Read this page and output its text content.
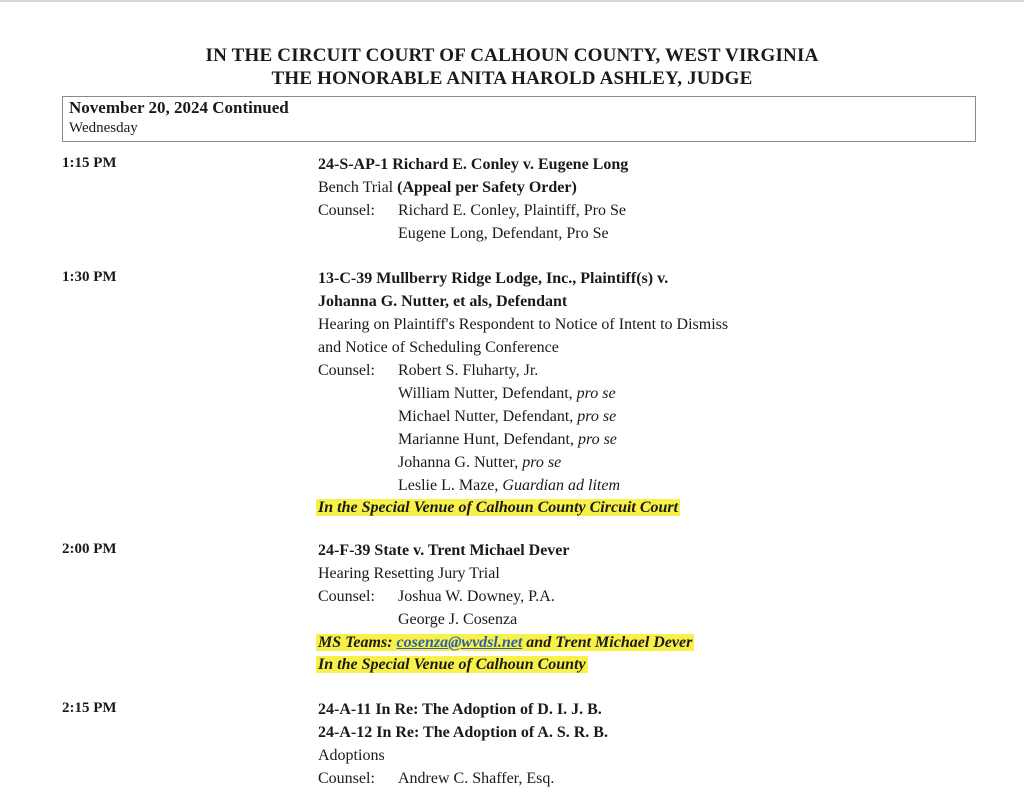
IN THE CIRCUIT COURT OF CALHOUN COUNTY, WEST VIRGINIA
THE HONORABLE ANITA HAROLD ASHLEY, JUDGE
November 20, 2024 Continued
Wednesday
1:15 PM	24-S-AP-1 Richard E. Conley v. Eugene Long
Bench Trial (Appeal per Safety Order)
Counsel: Richard E. Conley, Plaintiff, Pro Se
Eugene Long, Defendant, Pro Se
1:30 PM	13-C-39 Mullberry Ridge Lodge, Inc., Plaintiff(s) v.
Johanna G. Nutter, et als, Defendant
Hearing on Plaintiff's Respondent to Notice of Intent to Dismiss
and Notice of Scheduling Conference
Counsel: Robert S. Fluharty, Jr.
William Nutter, Defendant, pro se
Michael Nutter, Defendant, pro se
Marianne Hunt, Defendant, pro se
Johanna G. Nutter, pro se
Leslie L. Maze, Guardian ad litem
In the Special Venue of Calhoun County Circuit Court
2:00 PM	24-F-39 State v. Trent Michael Dever
Hearing Resetting Jury Trial
Counsel: Joshua W. Downey, P.A.
George J. Cosenza
MS Teams: cosenza@wvdsl.net and Trent Michael Dever
In the Special Venue of Calhoun County
2:15 PM	24-A-11 In Re: The Adoption of D. I. J. B.
24-A-12 In Re: The Adoption of A. S. R. B.
Adoptions
Counsel: Andrew C. Shaffer, Esq.
